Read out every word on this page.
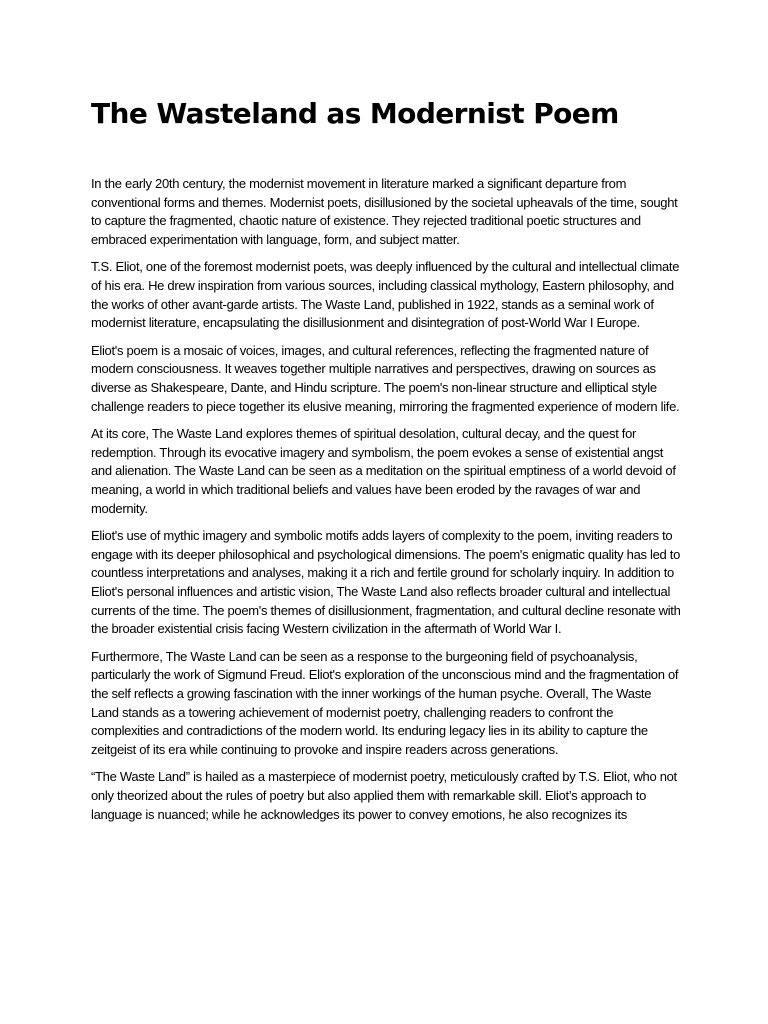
The Wasteland as Modernist Poem

In the early 20th century, the modernist movement in literature marked a significant departure from conventional forms and themes. Modernist poets, disillusioned by the societal upheavals of the time, sought to capture the fragmented, chaotic nature of existence. They rejected traditional poetic structures and embraced experimentation with language, form, and subject matter.

T.S. Eliot, one of the foremost modernist poets, was deeply influenced by the cultural and intellectual climate of his era. He drew inspiration from various sources, including classical mythology, Eastern philosophy, and the works of other avant-garde artists. The Waste Land, published in 1922, stands as a seminal work of modernist literature, encapsulating the disillusionment and disintegration of post-World War I Europe.

Eliot's poem is a mosaic of voices, images, and cultural references, reflecting the fragmented nature of modern consciousness. It weaves together multiple narratives and perspectives, drawing on sources as diverse as Shakespeare, Dante, and Hindu scripture. The poem's non-linear structure and elliptical style challenge readers to piece together its elusive meaning, mirroring the fragmented experience of modern life.

At its core, The Waste Land explores themes of spiritual desolation, cultural decay, and the quest for redemption. Through its evocative imagery and symbolism, the poem evokes a sense of existential angst and alienation. The Waste Land can be seen as a meditation on the spiritual emptiness of a world devoid of meaning, a world in which traditional beliefs and values have been eroded by the ravages of war and modernity.

Eliot's use of mythic imagery and symbolic motifs adds layers of complexity to the poem, inviting readers to engage with its deeper philosophical and psychological dimensions. The poem's enigmatic quality has led to countless interpretations and analyses, making it a rich and fertile ground for scholarly inquiry. In addition to Eliot's personal influences and artistic vision, The Waste Land also reflects broader cultural and intellectual currents of the time. The poem's themes of disillusionment, fragmentation, and cultural decline resonate with the broader existential crisis facing Western civilization in the aftermath of World War I.

Furthermore, The Waste Land can be seen as a response to the burgeoning field of psychoanalysis, particularly the work of Sigmund Freud. Eliot's exploration of the unconscious mind and the fragmentation of the self reflects a growing fascination with the inner workings of the human psyche. Overall, The Waste Land stands as a towering achievement of modernist poetry, challenging readers to confront the complexities and contradictions of the modern world. Its enduring legacy lies in its ability to capture the zeitgeist of its era while continuing to provoke and inspire readers across generations.

“The Waste Land” is hailed as a masterpiece of modernist poetry, meticulously crafted by T.S. Eliot, who not only theorized about the rules of poetry but also applied them with remarkable skill. Eliot’s approach to language is nuanced; while he acknowledges its power to convey emotions, he also recognizes its
